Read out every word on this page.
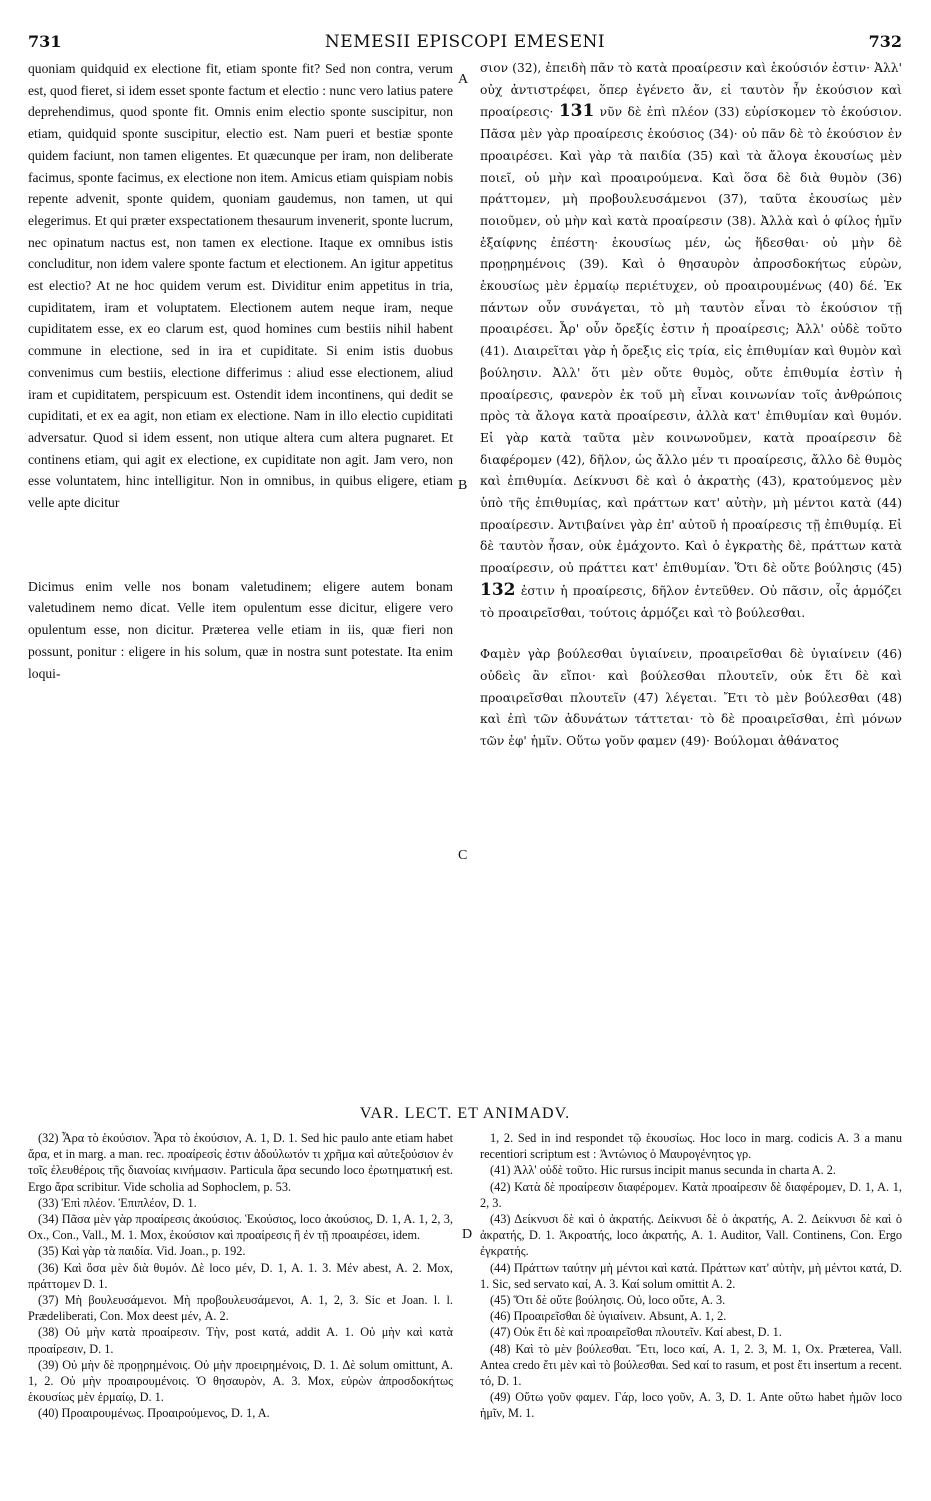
731	NEMESII EPISCOPI EMESENI	732

quoniam quidquid ex electione fit, etiam sponte fit? Sed non contra, verum est, quod fieret, si idem esset sponte factum et electio : nunc vero latius patere deprehendimus, quod sponte fit. Omnis enim electio sponte suscipitur, non etiam, quidquid sponte suscipitur, electio est. Nam pueri et bestiæ sponte quidem faciunt, non tamen eligentes. Et quæcunque per iram, non deliberate facimus, sponte facimus, ex electione non item. Amicus etiam quispiam nobis repente advenit, sponte quidem, quoniam gaudemus, non tamen, ut qui elegerimus. Et qui præter exspectationem thesaurum invenerit, sponte lucrum, nec opinatum nactus est, non tamen ex electione. Itaque ex omnibus istis concluditur, non idem valere sponte factum et electionem. An igitur appetitus est electio? At ne hoc quidem verum est. Dividitur enim appetitus in tria, cupiditatem, iram et voluptatem. Electionem autem neque iram, neque cupiditatem esse, ex eo clarum est, quod homines cum bestiis nihil habent commune in electione, sed in ira et cupiditate. Si enim istis duobus convenimus cum bestiis, electione differimus : aliud esse electionem, aliud iram et cupiditatem, perspicuum est. Ostendit idem incontinens, qui dedit se cupiditati, et ex ea agit, non etiam ex electione. Nam in illo electio cupiditati adversatur. Quod si idem essent, non utique altera cum altera pugnaret. Et continens etiam, qui agit ex electione, ex cupiditate non agit. Jam vero, non esse voluntatem, hinc intelligitur. Non in omnibus, in quibus eligere, etiam velle apte dicitur

Dicimus enim velle nos bonam valetudinem; eligere autem bonam valetudinem nemo dicat. Velle item opulentum esse dicitur, eligere vero opulentum esse, non dicitur. Præterea velle etiam in iis, quæ fieri non possunt, ponitur : eligere in his solum, quæ in nostra sunt potestate. Ita enim loqui-

A
B
C
D

σιον (32), ἐπειδὴ πᾶν τὸ κατὰ προαίρεσιν καὶ ἑκούσιόν ἐστιν· Ἀλλ' οὐχ ἀντιστρέφει, ὅπερ ἐγένετο ἄν, εἰ ταυτὸν ἦν ἑκούσιον καὶ προαίρεσις· 131 νῦν δὲ ἐπὶ πλέον (33) εὑρίσκομεν τὸ ἑκούσιον. Πᾶσα μὲν γὰρ προαίρεσις ἑκούσιος (34)· οὐ πᾶν δὲ τὸ ἑκούσιον ἐν προαιρέσει. Καὶ γὰρ τὰ παιδία (35) καὶ τὰ ἄλογα ἑκουσίως μὲν ποιεῖ, οὐ μὴν καὶ προαιρούμενα. Καὶ ὅσα δὲ διὰ θυμὸν (36) πράττομεν, μὴ προβουλευσάμενοι (37), ταῦτα ἑκουσίως μὲν ποιοῦμεν, οὐ μὴν καὶ κατὰ προαίρεσιν (38). Ἀλλὰ καὶ ὁ φίλος ἡμῖν ἐξαίφνης ἐπέστη· ἑκουσίως μέν, ὡς ἥδεσθαι· οὐ μὴν δὲ προῃρημένοις (39). Καὶ ὁ θησαυρὸν ἀπροσδοκήτως εὑρὼν, ἑκουσίως μὲν ἑρμαίῳ περιέτυχεν, οὐ προαιρουμένως (40) δέ. Ἐκ πάντων οὖν συνάγεται, τὸ μὴ ταυτὸν εἶναι τὸ ἑκούσιον τῇ προαιρέσει. Ἆρ' οὖν ὄρεξίς ἐστιν ἡ προαίρεσις; Ἀλλ' οὐδὲ τοῦτο (41). Διαιρεῖται γὰρ ἡ ὄρεξις εἰς τρία, εἰς ἐπιθυμίαν καὶ θυμὸν καὶ βούλησιν. Ἀλλ' ὅτι μὲν οὔτε θυμὸς, οὔτε ἐπιθυμία ἐστὶν ἡ προαίρεσις, φανερὸν ἐκ τοῦ μὴ εἶναι κοινωνίαν τοῖς ἀνθρώποις πρὸς τὰ ἄλογα κατὰ προαίρεσιν, ἀλλὰ κατ' ἐπιθυμίαν καὶ θυμόν. Εἰ γὰρ κατὰ ταῦτα μὲν κοινωνοῦμεν, κατὰ προαίρεσιν δὲ διαφέρομεν (42), δῆλον, ὡς ἄλλο μέν τι προαίρεσις, ἄλλο δὲ θυμὸς καὶ ἐπιθυμία. Δείκνυσι δὲ καὶ ὁ ἀκρατὴς (43), κρατούμενος μὲν ὑπὸ τῆς ἐπιθυμίας, καὶ πράττων κατ' αὐτὴν, μὴ μέντοι κατὰ (44) προαίρεσιν. Ἀντιβαίνει γὰρ ἐπ' αὐτοῦ ἡ προαίρεσις τῇ ἐπιθυμίᾳ. Εἰ δὲ ταυτὸν ἦσαν, οὐκ ἐμάχοντο. Καὶ ὁ ἐγκρατὴς δὲ, πράττων κατὰ προαίρεσιν, οὐ πράττει κατ' ἐπιθυμίαν. Ὅτι δὲ οὔτε βούλησις (45) 132 ἐστιν ἡ προαίρεσις, δῆλον ἐντεῦθεν. Οὐ πᾶσιν, οἷς ἁρμόζει τὸ προαιρεῖσθαι, τούτοις ἁρμόζει καὶ τὸ βούλεσθαι.

Φαμὲν γὰρ βούλεσθαι ὑγιαίνειν, προαιρεῖσθαι δὲ ὑγιαίνειν (46) οὐδεὶς ἂν εἴποι· καὶ βούλεσθαι πλουτεῖν, οὐκ ἔτι δὲ καὶ προαιρεῖσθαι πλουτεῖν (47) λέγεται. Ἔτι τὸ μὲν βούλεσθαι (48) καὶ ἐπὶ τῶν ἀδυνάτων τάττεται· τὸ δὲ προαιρεῖσθαι, ἐπὶ μόνων τῶν ἐφ' ἡμῖν. Οὕτω γοῦν φαμεν (49)· Βούλομαι ἀθάνατος

VAR. LECT. ET ANIMADV.

(32) Ἆρα τὸ ἑκούσιον. Ἆρα τὸ ἑκούσιον, A. 1, D. 1. Sed hic paulo ante etiam habet ἄρα, et in marg. a man. rec. προαίρεσίς ἐστιν ἀδούλωτόν τι χρῆμα καὶ αὐτεξούσιον ἐν τοῖς ἐλευθέροις τῆς διανοίας κινήμασιν. Particula ἄρα secundo loco ἐρωτηματική est. Ergo ἄρα scribitur. Vide scholia ad Sophoclem, p. 53.

(33) Ἐπὶ πλέον. Ἐπιπλέον, D. 1.

(34) Πᾶσα μὲν γὰρ προαίρεσις ἀκούσιος. Ἑκούσιος, loco ἀκούσιος, D. 1, A. 1, 2, 3, Ox., Con., Vall., M. 1. Mox, ἑκούσιον καὶ προαίρεσις ἢ ἐν τῇ προαιρέσει, idem.

(35) Καὶ γὰρ τὰ παιδία. Vid. Joan., p. 192.

(36) Καὶ ὅσα μὲν διὰ θυμόν. Δὲ loco μέν, D. 1, A. 1. 3. Μέν abest, A. 2. Mox, πράττομεν D. 1.

(37) Μὴ βουλευσάμενοι. Μὴ προβουλευσάμενοι, A. 1, 2, 3. Sic et Joan. l. l. Prædeliberati, Con. Mox deest μέν, A. 2.

(38) Οὐ μὴν κατὰ προαίρεσιν. Τὴν, post κατά, addit A. 1. Οὐ μὴν καὶ κατὰ προαίρεσιν, D. 1.

(39) Οὐ μὴν δὲ προῃρημένοις. Οὐ μὴν προειρημένοις, D. 1. Δὲ solum omittunt, A. 1, 2. Οὐ μὴν προαιρουμένοις. Ὁ θησαυρὸν, A. 3. Mox, εὑρὼν ἀπροσδοκήτως ἑκουσίως μὲν ἑρμαίῳ, D. 1.

(40) Προαιρουμένως. Προαιρούμενος, D. 1, A.

1, 2. Sed in ind respondet τῷ ἑκουσίως. Hoc loco in marg. codicis A. 3 a manu recentiori scriptum est : Ἀντώνιος ὁ Μαυρογένητος γρ.

(41) Ἀλλ' οὐδὲ τοῦτο. Hic rursus incipit manus secunda in charta A. 2.

(42) Κατὰ δὲ προαίρεσιν διαφέρομεν. Κατὰ προαίρεσιν δὲ διαφέρομεν, D. 1, A. 1, 2, 3.

(43) Δείκνυσι δὲ καὶ ὁ ἀκρατής. Δείκνυσι δὲ ὁ ἀκρατής, A. 2. Δείκνυσι δὲ καὶ ὁ ἀκρατής, D. 1. Ἀκροατής, loco ἀκρατής, A. 1. Auditor, Vall. Continens, Con. Ergo ἐγκρατής.

(44) Πράττων ταύτην μὴ μέντοι καὶ κατά. Πράττων κατ' αὐτὴν, μὴ μέντοι κατά, D. 1. Sic, sed servato καί, A. 3. Καί solum omittit A. 2.

(45) Ὅτι δὲ οὔτε βούλησις. Οὐ, loco οὔτε, A. 3.

(46) Προαιρεῖσθαι δὲ ὑγιαίνειν. Absunt, A. 1, 2.

(47) Οὐκ ἔτι δὲ καὶ προαιρεῖσθαι πλουτεῖν. Καί abest, D. 1.

(48) Καὶ τὸ μὲν βούλεσθαι. Ἔτι, loco καί, A. 1, 2. 3, M. 1, Ox. Præterea, Vall. Antea credo ἔτι μὲν καὶ τὸ βούλεσθαι. Sed καί to rasum, et post ἔτι insertum a recent. τό, D. 1.

(49) Οὕτω γοῦν φαμεν. Γάρ, loco γοῦν, A. 3, D. 1. Ante οὕτω habet ἡμῶν loco ἡμῖν, M. 1.
